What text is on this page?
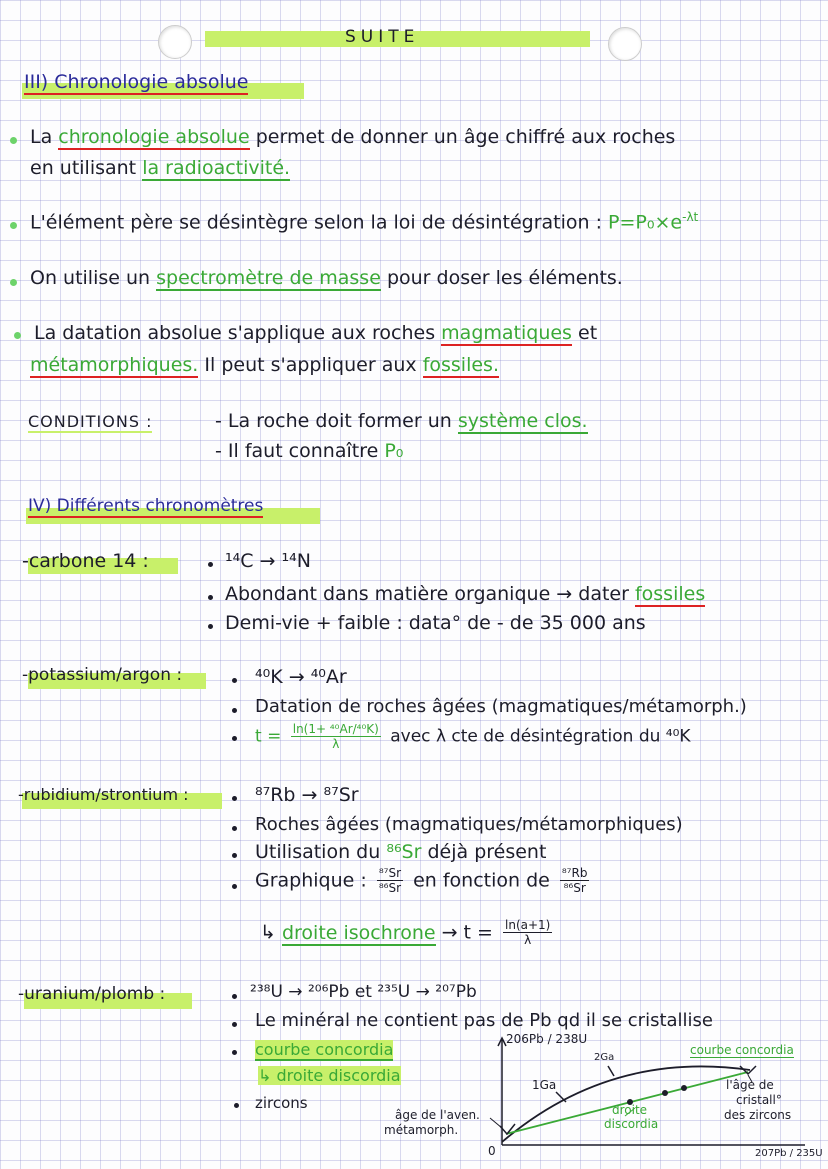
SUITE
III) Chronologie absolue
La chronologie absolue permet de donner un âge chiffré aux roches
en utilisant la radioactivité.
L'élément père se désintègre selon la loi de désintégration : $P=P_0\times e^{-\lambda t}$
On utilise un spectromètre de masse pour doser les éléments.
La datation absolue s'applique aux roches magmatiques et
métamorphiques. Il peut s'appliquer aux fossiles.
CONDITIONS :	- La roche doit former un système clos.
- Il faut connaître P₀
IV) Différents chronomètres
-carbone 14 :	¹⁴C → ¹⁴N
Abondant dans matière organique → dater fossiles
Demi-vie + faible : data° de - de 35 000 ans
-potassium/argon :	⁴⁰K → ⁴⁰Ar
Datation de roches âgées (magmatiques/métamorph.)
$t = \frac{\text{ln(1+ ⁴⁰Ar/⁴⁰K)}}{\lambda}$ avec λ cte de désintégration du ⁴⁰K
-rubidium/strontium :	⁸⁷Rb → ⁸⁷Sr
Roches âgées (magmatiques/métamorphiques)
Utilisation du ⁸⁶Sr déjà présent
Graphique : $\frac{\text{⁸⁷Sr}}{\text{⁸⁶Sr}}$ en fonction de $\frac{\text{⁸⁷Rb}}{\text{⁸⁶Sr}}$
↳ droite isochrone → $t = \frac{\ln(a+1)}{\lambda}$
-uranium/plomb :	²³⁸U → ²⁰⁶Pb et ²³⁵U → ²⁰⁷Pb
Le minéral ne contient pas de Pb qd il se cristallise
courbe concordia
↳ droite discordia
zircons
206Pb / 238U
207Pb / 235U
0
1Ga
2Ga
courbe concordia
droite
discordia
âge de l'aven.
métamorph.
l'âge de
cristall°
des zircons
